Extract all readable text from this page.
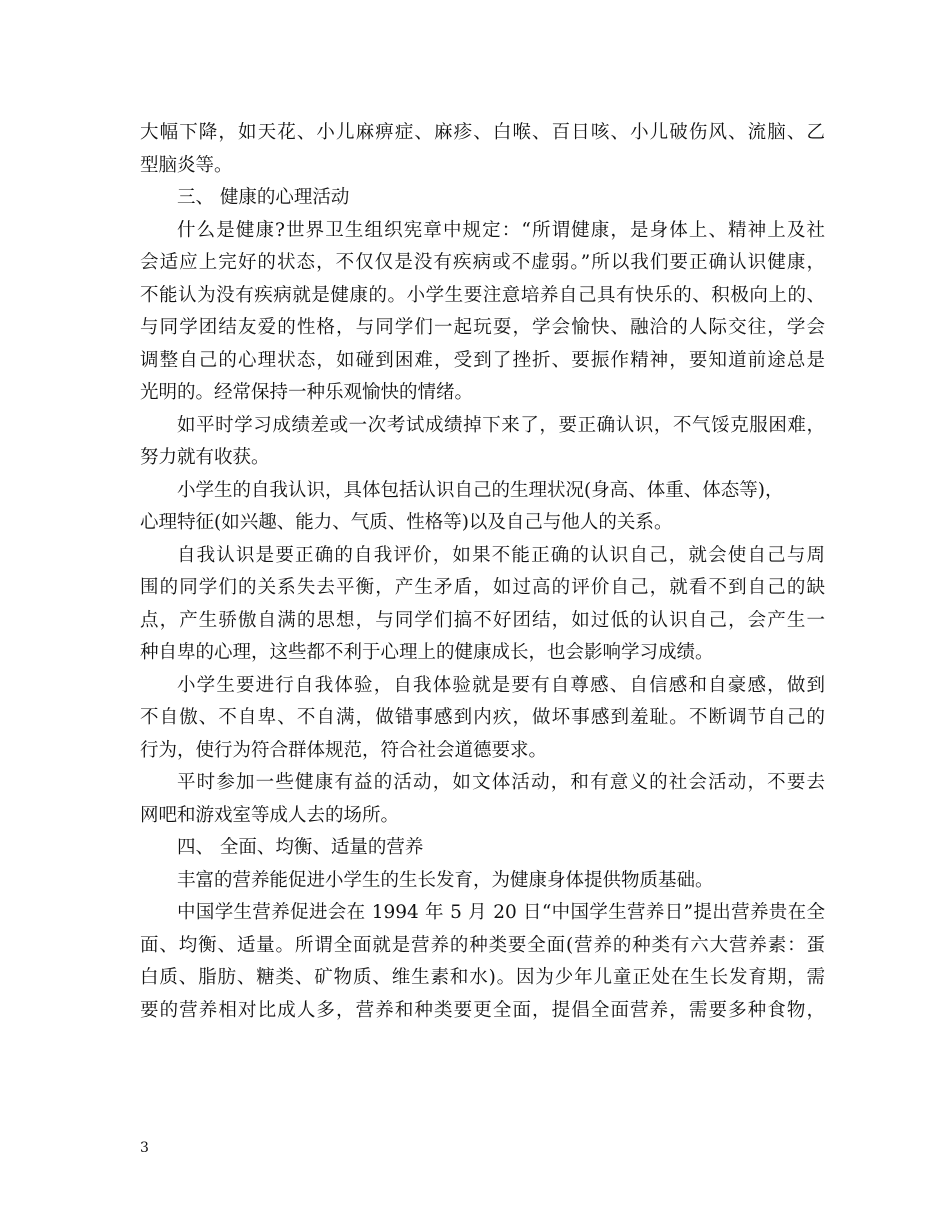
大幅下降，如天花、小儿麻痹症、麻疹、白喉、百日咳、小儿破伤风、流脑、乙
型脑炎等。
三、 健康的心理活动
什么是健康?世界卫生组织宪章中规定：“所谓健康，是身体上、精神上及社
会适应上完好的状态，不仅仅是没有疾病或不虚弱。”所以我们要正确认识健康，
不能认为没有疾病就是健康的。小学生要注意培养自己具有快乐的、积极向上的、
与同学团结友爱的性格，与同学们一起玩耍，学会愉快、融洽的人际交往，学会
调整自己的心理状态，如碰到困难，受到了挫折、要振作精神，要知道前途总是
光明的。经常保持一种乐观愉快的情绪。
如平时学习成绩差或一次考试成绩掉下来了，要正确认识，不气馁克服困难，
努力就有收获。
小学生的自我认识，具体包括认识自己的生理状况(身高、体重、体态等)，
心理特征(如兴趣、能力、气质、性格等)以及自己与他人的关系。
自我认识是要正确的自我评价，如果不能正确的认识自己，就会使自己与周
围的同学们的关系失去平衡，产生矛盾，如过高的评价自己，就看不到自己的缺
点，产生骄傲自满的思想，与同学们搞不好团结，如过低的认识自己，会产生一
种自卑的心理，这些都不利于心理上的健康成长，也会影响学习成绩。
小学生要进行自我体验，自我体验就是要有自尊感、自信感和自豪感，做到
不自傲、不自卑、不自满，做错事感到内疚，做坏事感到羞耻。不断调节自己的
行为，使行为符合群体规范，符合社会道德要求。
平时参加一些健康有益的活动，如文体活动，和有意义的社会活动，不要去
网吧和游戏室等成人去的场所。
四、 全面、均衡、适量的营养
丰富的营养能促进小学生的生长发育，为健康身体提供物质基础。
中国学生营养促进会在 1994 年 5 月 20 日“中国学生营养日”提出营养贵在全
面、均衡、适量。所谓全面就是营养的种类要全面(营养的种类有六大营养素：蛋
白质、脂肪、糖类、矿物质、维生素和水)。因为少年儿童正处在生长发育期，需
要的营养相对比成人多，营养和种类要更全面，提倡全面营养，需要多种食物，
3
